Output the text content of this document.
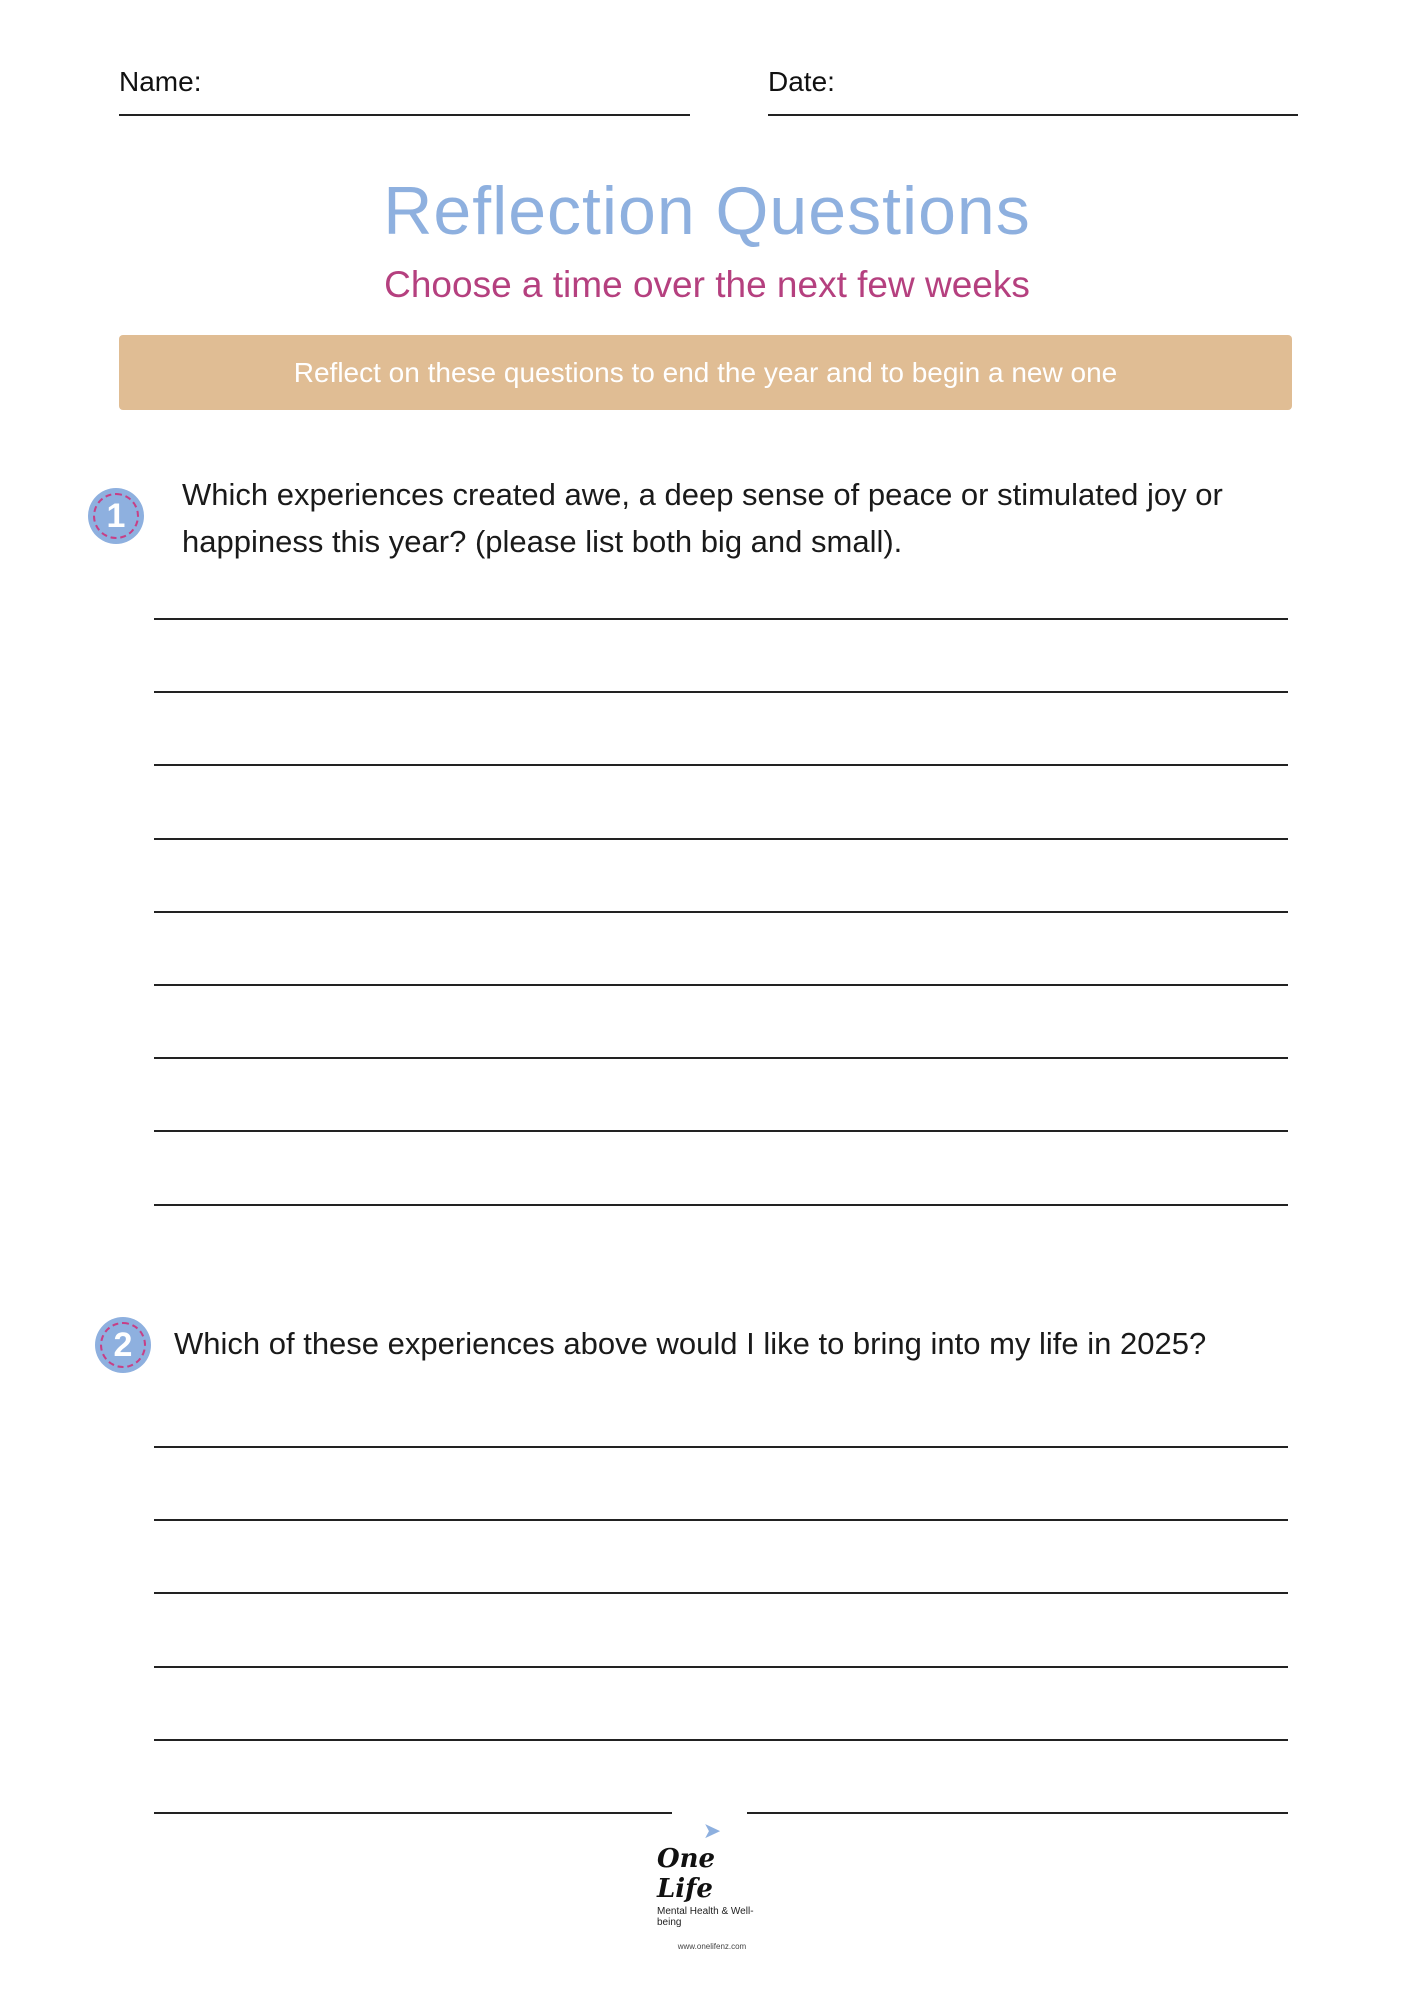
Name:	Date:
Reflection Questions
Choose a time over the next few weeks
Reflect on these questions to end the year and to begin a new one
1
Which experiences created awe, a deep sense of peace or stimulated joy or
happiness this year? (please list both big and small).
2 Which of these experiences above would I like to bring into my life in 2025?
➤
One Life
Mental Health & Well-being
www.onelifenz.com
